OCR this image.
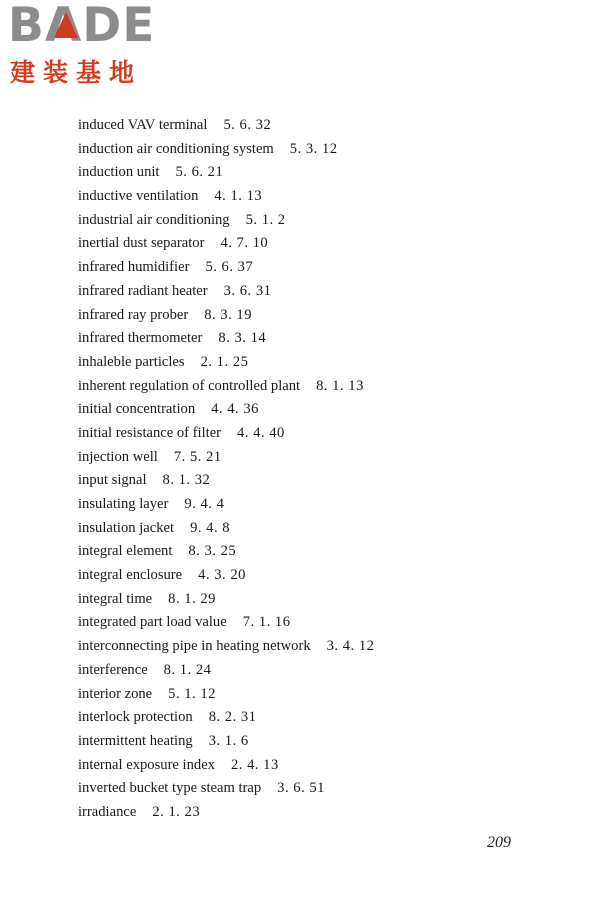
BADE
建装基地
induced VAV terminal 5. 6. 32
induction air conditioning system 5. 3. 12
induction unit 5. 6. 21
inductive ventilation 4. 1. 13
industrial air conditioning 5. 1. 2
inertial dust separator 4. 7. 10
infrared humidifier 5. 6. 37
infrared radiant heater 3. 6. 31
infrared ray prober 8. 3. 19
infrared thermometer 8. 3. 14
inhaleble particles 2. 1. 25
inherent regulation of controlled plant 8. 1. 13
initial concentration 4. 4. 36
initial resistance of filter 4. 4. 40
injection well 7. 5. 21
input signal 8. 1. 32
insulating layer 9. 4. 4
insulation jacket 9. 4. 8
integral element 8. 3. 25
integral enclosure 4. 3. 20
integral time 8. 1. 29
integrated part load value 7. 1. 16
interconnecting pipe in heating network 3. 4. 12
interference 8. 1. 24
interior zone 5. 1. 12
interlock protection 8. 2. 31
intermittent heating 3. 1. 6
internal exposure index 2. 4. 13
inverted bucket type steam trap 3. 6. 51
irradiance 2. 1. 23
209
